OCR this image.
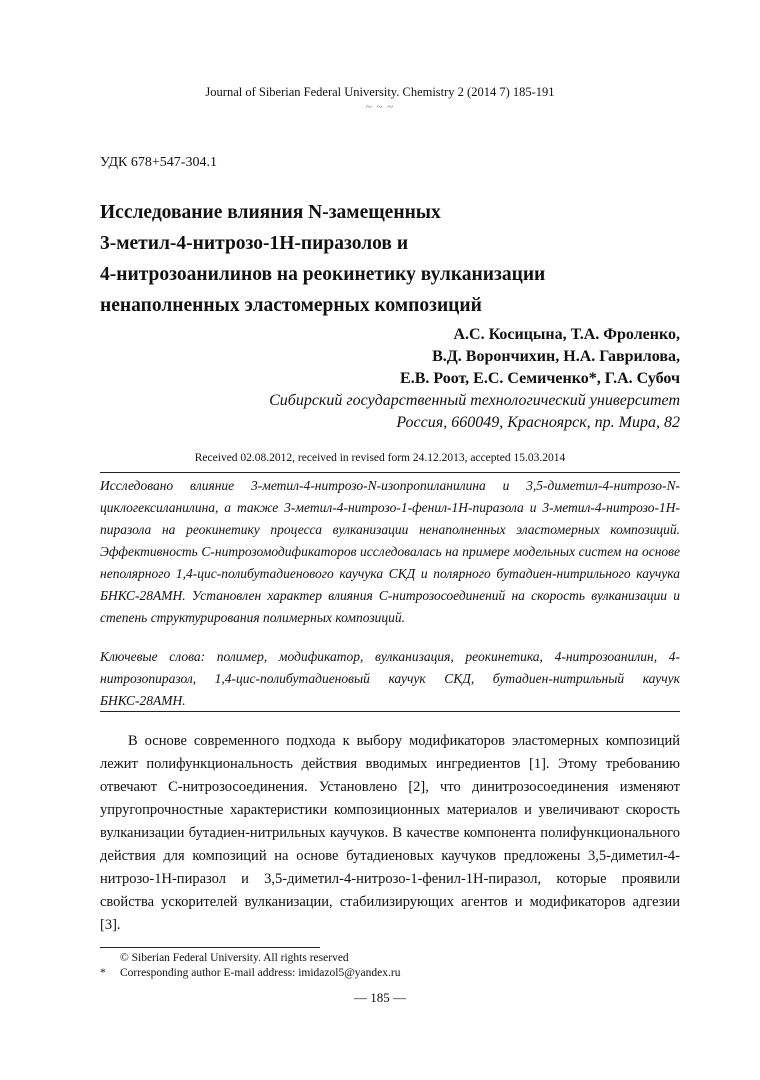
Journal of Siberian Federal University. Chemistry 2 (2014 7) 185-191
~ ~ ~
УДК 678+547-304.1
Исследование влияния N-замещенных
3-метил-4-нитрозо-1H-пиразолов и
4-нитрозоанилинов на реокинетику вулканизации
ненаполненных эластомерных композиций
А.С. Косицына, Т.А. Фроленко,
В.Д. Ворончихин, Н.А. Гаврилова,
Е.В. Роот, Е.С. Семиченко*, Г.А. Субоч
Сибирский государственный технологический университет
Россия, 660049, Красноярск, пр. Мира, 82
Received 02.08.2012, received in revised form 24.12.2013, accepted 15.03.2014
Исследовано влияние 3-метил-4-нитрозо-N-изопропиланилина и 3,5-диметил-4-нитрозо-N-циклогексиланилина, а также 3-метил-4-нитрозо-1-фенил-1H-пиразола и 3-метил-4-нитрозо-1H-пиразола на реокинетику процесса вулканизации ненаполненных эластомерных композиций. Эффективность С-нитрозомодификаторов исследовалась на примере модельных систем на основе неполярного 1,4-цис-полибутадиенового каучука СКД и полярного бутадиен-нитрильного каучука БНКС-28АМН. Установлен характер влияния С-нитрозосоединений на скорость вулканизации и степень структурирования полимерных композиций.
Ключевые слова: полимер, модификатор, вулканизация, реокинетика, 4-нитрозоанилин, 4-нитрозопиразол, 1,4-цис-полибутадиеновый каучук СКД, бутадиен-нитрильный каучук БНКС-28АМН.

В основе современного подхода к выбору модификаторов эластомерных композиций лежит полифункциональность действия вводимых ингредиентов [1]. Этому требованию отвечают С-нитрозосоединения. Установлено [2], что динитрозосоединения изменяют упругопрочностные характеристики композиционных материалов и увеличивают скорость вулканизации бутадиен-нитрильных каучуков. В качестве компонента полифункционального действия для композиций на основе бутадиеновых каучуков предложены 3,5-диметил-4-нитрозо-1H-пиразол и 3,5-диметил-4-нитрозо-1-фенил-1H-пиразол, которые проявили свойства ускорителей вулканизации, стабилизирующих агентов и модификаторов адгезии [3].

© Siberian Federal University. All rights reserved
* Corresponding author E-mail address: imidazol5@yandex.ru
— 185 —
